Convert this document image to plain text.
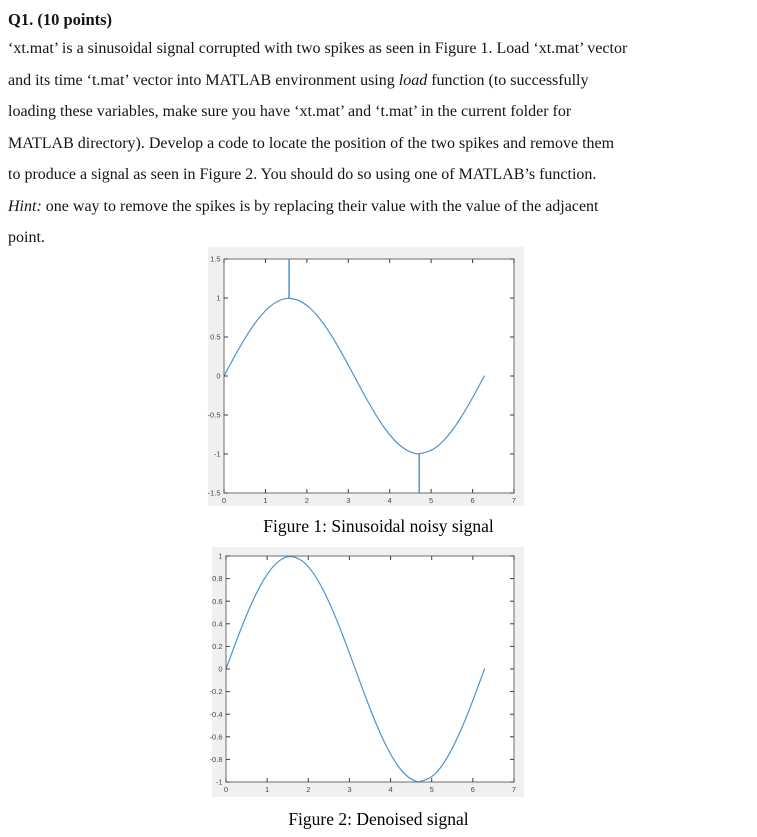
Q1. (10 points)
‘xt.mat’ is a sinusoidal signal corrupted with two spikes as seen in Figure 1. Load ‘xt.mat’ vector
and its time ‘t.mat’ vector into MATLAB environment using load function (to successfully
loading these variables, make sure you have ‘xt.mat’ and ‘t.mat’ in the current folder for
MATLAB directory). Develop a code to locate the position of the two spikes and remove them
to produce a signal as seen in Figure 2. You should do so using one of MATLAB’s function.
Hint: one way to remove the spikes is by replacing their value with the value of the adjacent
point.
0	1	2	3	4	5	6	7
-1.5
-1
-0.5
0
0.5
1
1.5
Figure 1: Sinusoidal noisy signal
0	1	2	3	4	5	6	7
-1
-0.8
-0.6
-0.4
-0.2
0
0.2
0.4
0.6
0.8
1
Figure 2: Denoised signal
